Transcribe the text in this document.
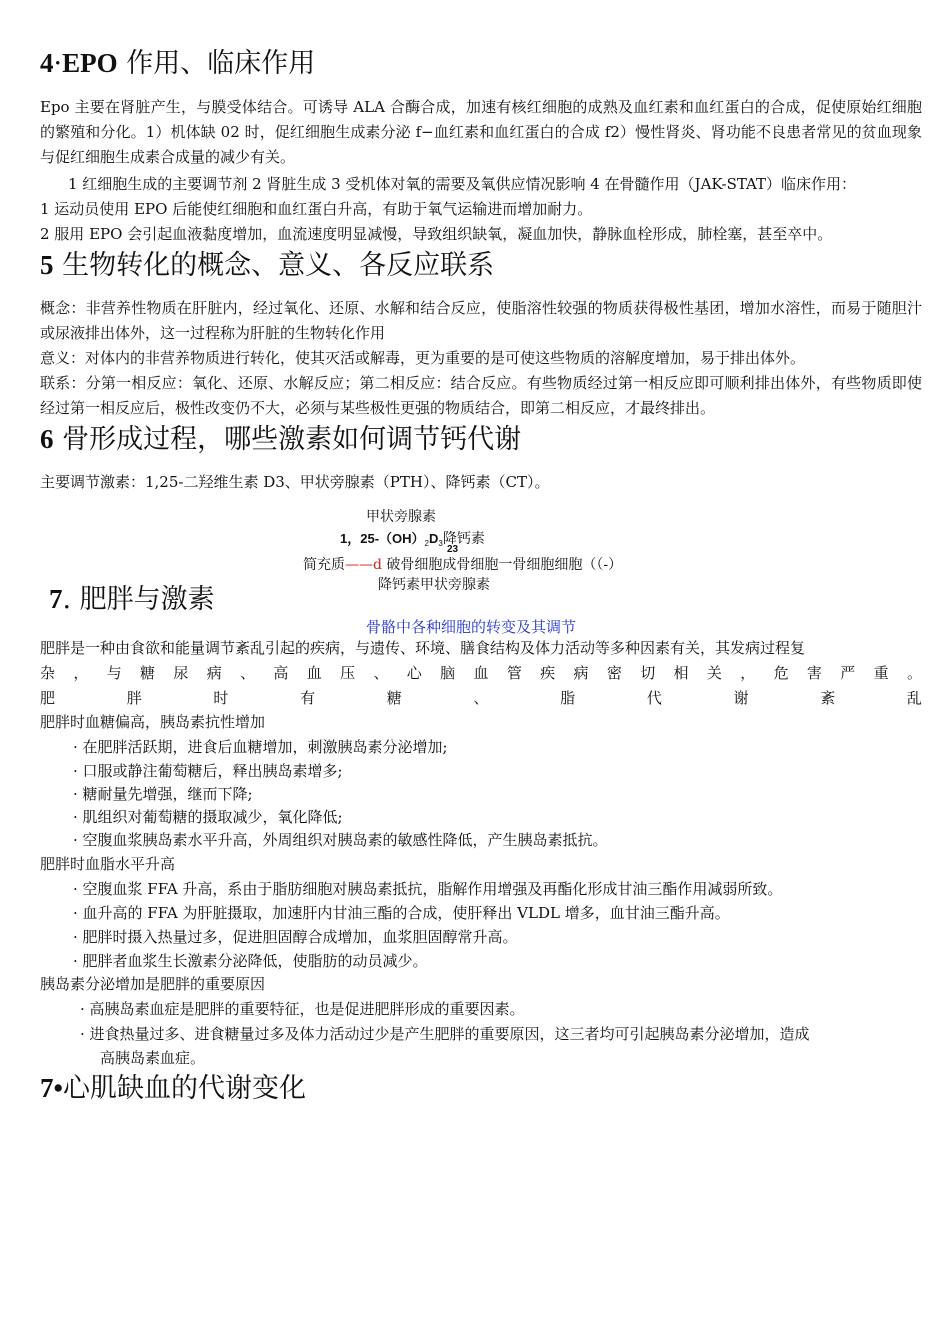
4·EPO 作用、临床作用
Epo 主要在肾脏产生，与膜受体结合。可诱导 ALA 合酶合成，加速有核红细胞的成熟及血红素和血红蛋白的合成，促使原始红细胞的繁殖和分化。1）机体缺 02 时，促红细胞生成素分泌 f−血红素和血红蛋白的合成 f2）慢性肾炎、肾功能不良患者常见的贫血现象与促红细胞生成素合成量的减少有关。
1 红细胞生成的主要调节剂 2 肾脏生成 3 受机体对氧的需要及氧供应情况影响 4 在骨髓作用（JAK-STAT）临床作用：
1 运动员使用 EPO 后能使红细胞和血红蛋白升高，有助于氧气运输进而增加耐力。
2 服用 EPO 会引起血液黏度增加，血流速度明显减慢，导致组织缺氧，凝血加快，静脉血栓形成，肺栓塞，甚至卒中。
5 生物转化的概念、意义、各反应联系
概念：非营养性物质在肝脏内，经过氧化、还原、水解和结合反应，使脂溶性较强的物质获得极性基团，增加水溶性，而易于随胆汁或尿液排出体外，这一过程称为肝脏的生物转化作用
意义：对体内的非营养物质进行转化，使其灭活或解毒，更为重要的是可使这些物质的溶解度增加，易于排出体外。
联系：分第一相反应：氧化、还原、水解反应；第二相反应：结合反应。有些物质经过第一相反应即可顺利排出体外，有些物质即使经过第一相反应后，极性改变仍不大，必须与某些极性更强的物质结合，即第二相反应，才最终排出。
6 骨形成过程，哪些激素如何调节钙代谢
主要调节激素：1,25-二羟维生素 D3、甲状旁腺素（PTH）、降钙素（CT）。
甲状旁腺素
1，$25-(OH)_2D_3$降钙素
23
简充质——d 破骨细胞成骨细胞一骨细胞细胞（（-）
降钙素甲状旁腺素
7. 肥胖与激素
骨骼中各种细胞的转变及其调节
肥胖是一种由食欲和能量调节紊乱引起的疾病，与遗传、环境、膳食结构及体力活动等多种因素有关，其发病过程复
杂 ， 与 糖 尿 病 、 高 血 压 、 心 脑 血 管 疾 病 密 切 相 关 ， 危 害 严 重 。
肥	胖	时	有	糖	、	脂	代	谢	紊	乱
肥胖时血糖偏高，胰岛素抗性增加
· 在肥胖活跃期，进食后血糖增加，刺激胰岛素分泌增加;
· 口服或静注葡萄糖后，释出胰岛素增多;
· 糖耐量先增强，继而下降;
· 肌组织对葡萄糖的摄取减少，氧化降低;
· 空腹血浆胰岛素水平升高，外周组织对胰岛素的敏感性降低，产生胰岛素抵抗。
肥胖时血脂水平升高
· 空腹血浆 FFA 升高，系由于脂肪细胞对胰岛素抵抗，脂解作用增强及再酯化形成甘油三酯作用减弱所致。
· 血升高的 FFA 为肝脏摄取，加速肝内甘油三酯的合成，使肝释出 VLDL 增多，血甘油三酯升高。
· 肥胖时摄入热量过多，促进胆固醇合成增加，血浆胆固醇常升高。
· 肥胖者血浆生长激素分泌降低，使脂肪的动员减少。
胰岛素分泌增加是肥胖的重要原因
· 高胰岛素血症是肥胖的重要特征，也是促进肥胖形成的重要因素。
· 进食热量过多、进食糖量过多及体力活动过少是产生肥胖的重要原因，这三者均可引起胰岛素分泌增加，造成
高胰岛素血症。
7•心肌缺血的代谢变化
